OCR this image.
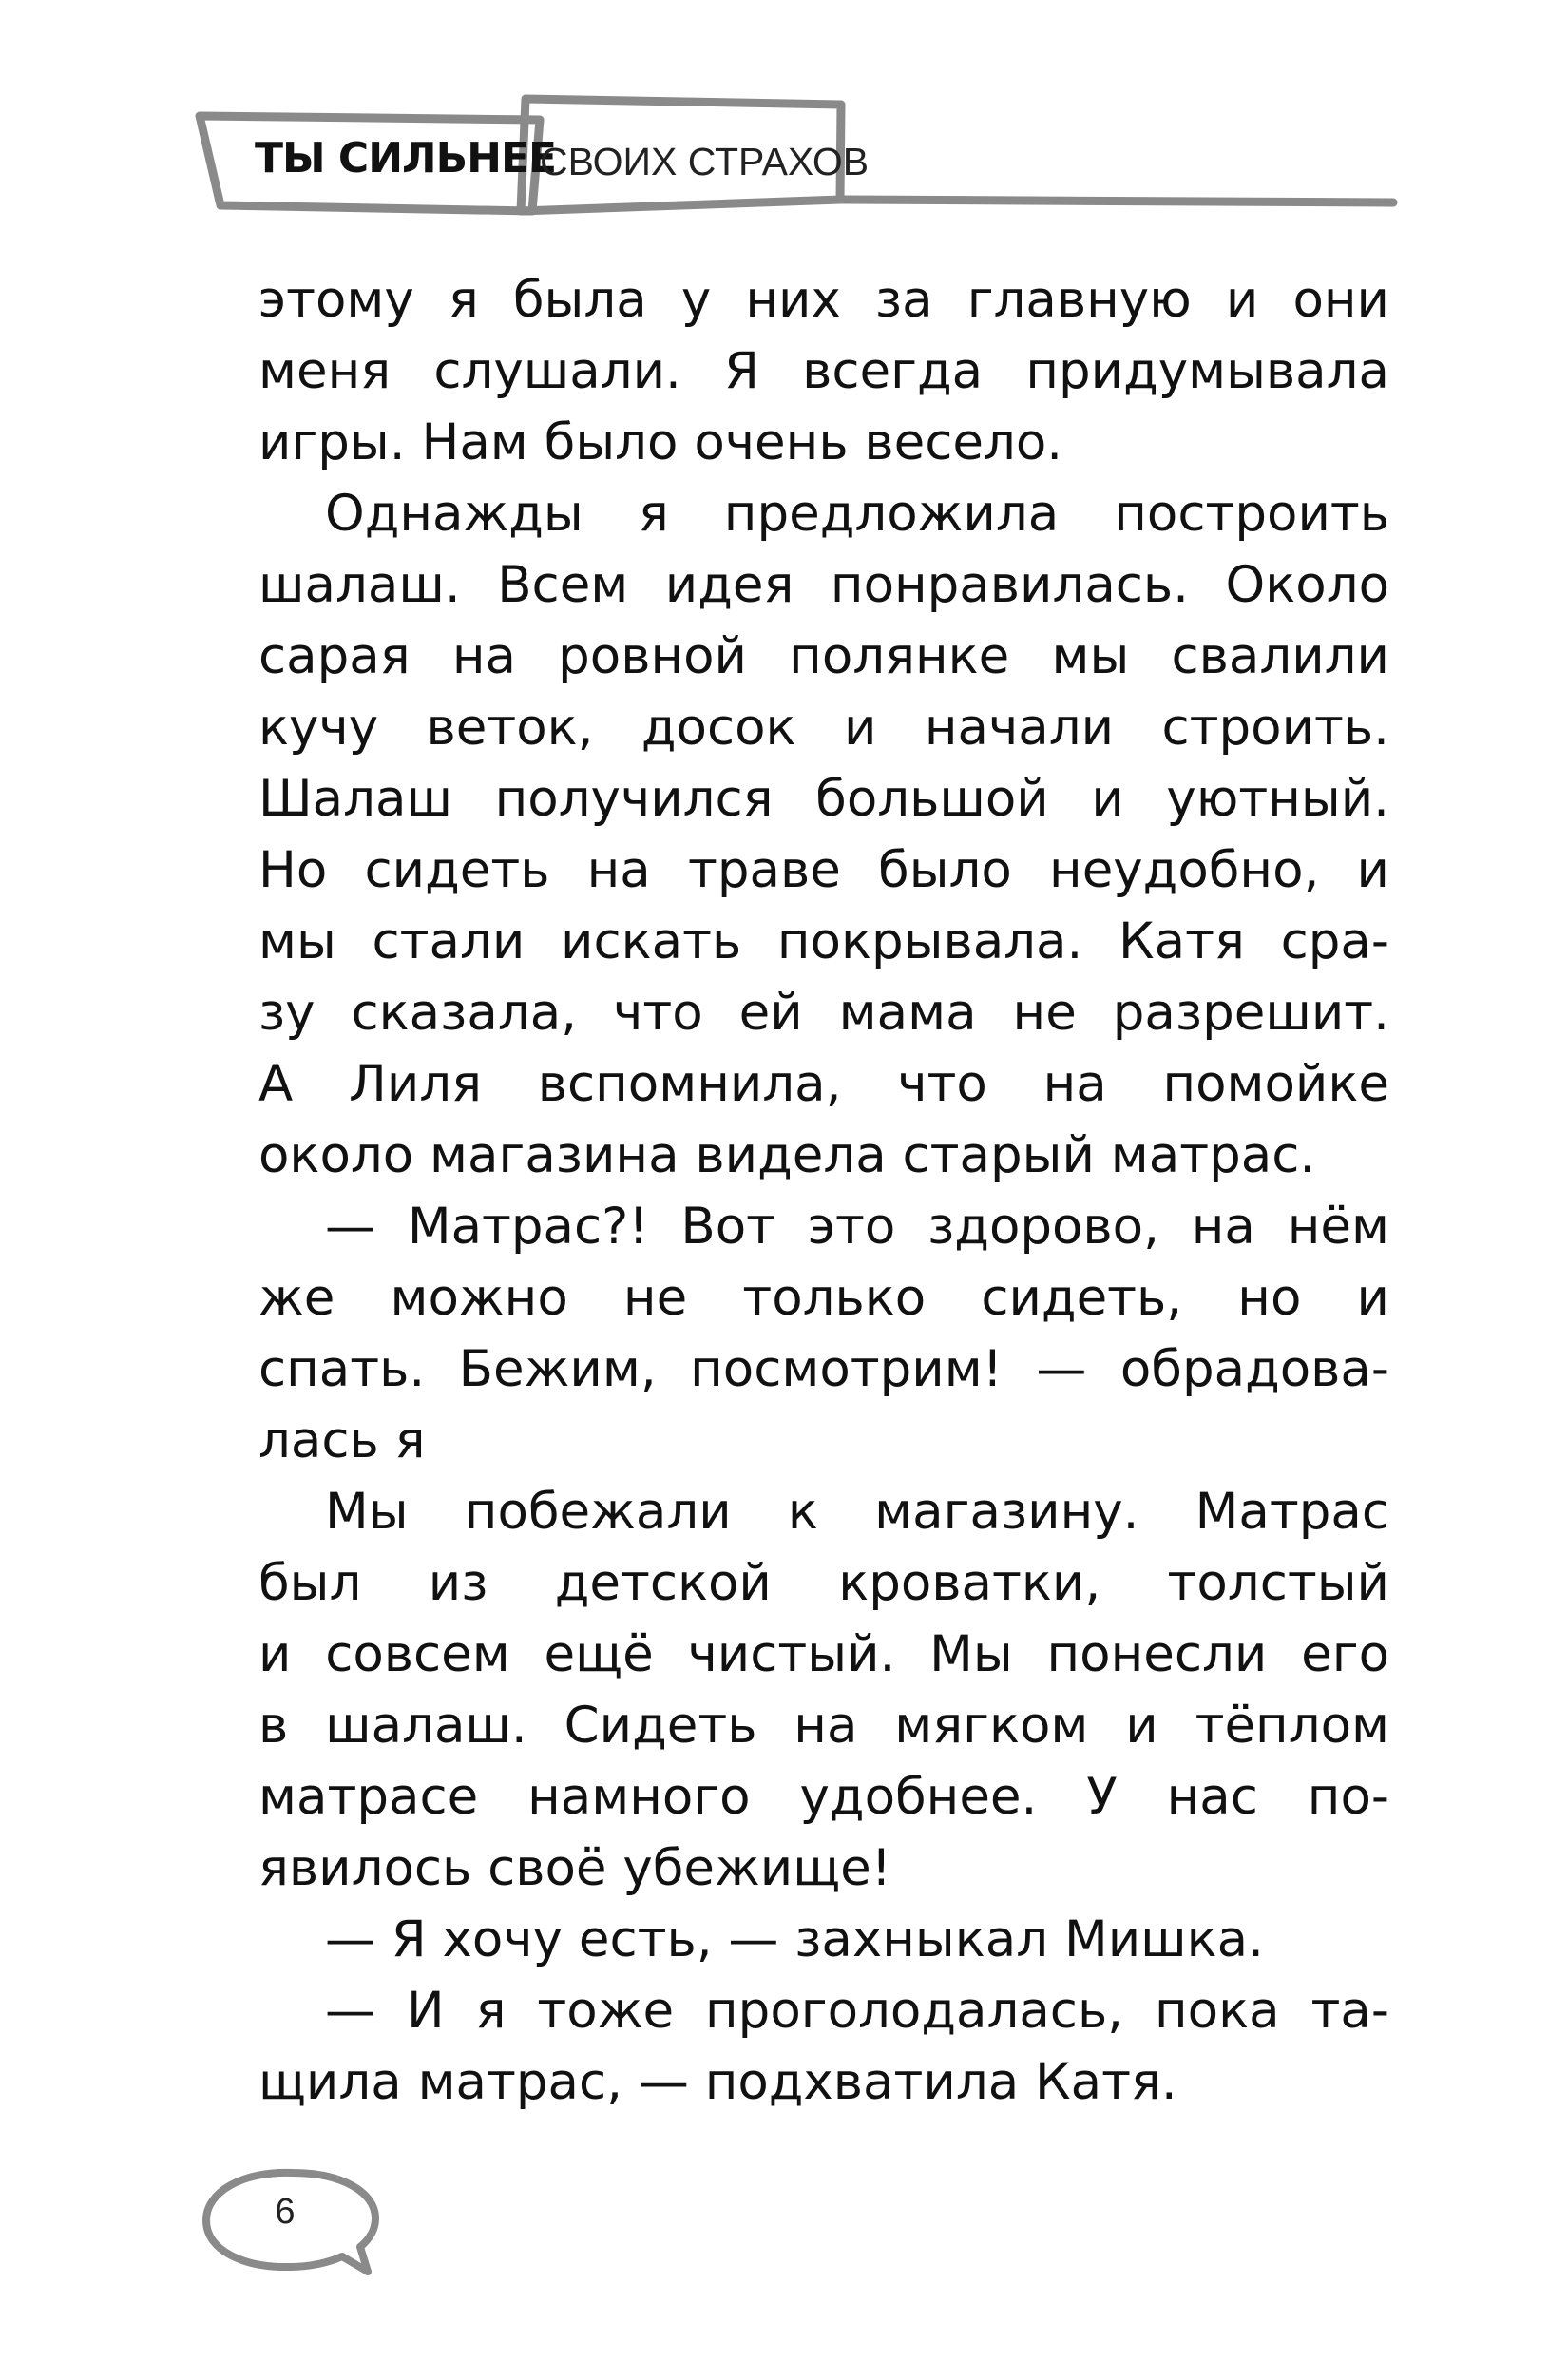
ТЫ СИЛЬНЕЕ
СВОИХ СТРАХОВ
этому я была у них за главную и они
меня слушали. Я всегда придумывала
игры. Нам было очень весело.
Однажды я предложила построить
шалаш. Всем идея понравилась. Около
сарая на ровной полянке мы свалили
кучу веток, досок и начали строить.
Шалаш получился большой и уютный.
Но сидеть на траве было неудобно, и
мы стали искать покрывала. Катя сра-
зу сказала, что ей мама не разрешит.
А Лиля вспомнила, что на помойке
около магазина видела старый матрас.
— Матрас?! Вот это здорово, на нём
же можно не только сидеть, но и
спать. Бежим, посмотрим! — обрадова-
лась я
Мы побежали к магазину. Матрас
был из детской кроватки, толстый
и совсем ещё чистый. Мы понесли его
в шалаш. Сидеть на мягком и тёплом
матрасе намного удобнее. У нас по-
явилось своё убежище!
— Я хочу есть, — захныкал Мишка.
— И я тоже проголодалась, пока та-
щила матрас, — подхватила Катя.
6
